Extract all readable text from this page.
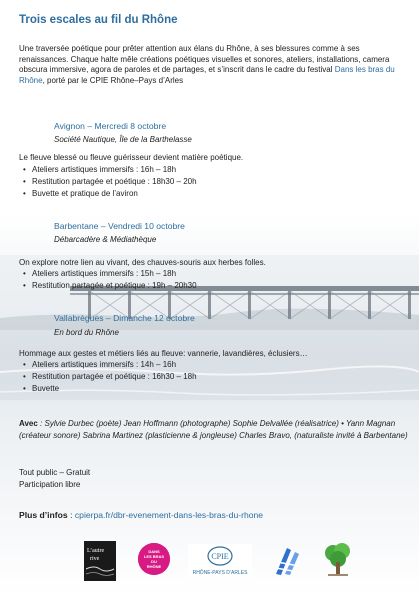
Trois escales au fil du Rhône

Une traversée poétique pour prêter attention aux élans du Rhône, à ses blessures comme à ses renaissances. Chaque halte mêle créations poétiques visuelles et sonores, ateliers, installations, camera obscura immersive, agora de paroles et de partages, et s’inscrit dans le cadre du festival Dans les bras du Rhône, porté par le CPIE Rhône–Pays d’Arles

Avignon – Mercredi 8 octobre
Société Nautique, Île de la Barthelasse
Le fleuve blessé ou fleuve guérisseur devient matière poétique.
• Ateliers artistiques immersifs : 16h – 18h
• Restitution partagée et poétique : 18h30 – 20h
• Buvette et pratique de l’aviron
Barbentane – Vendredi 10 octobre
Débarcadère & Médiathèque
On explore notre lien au vivant, des chauves-souris aux herbes folles.
• Ateliers artistiques immersifs : 15h – 18h
• Restitution partagée et poétique : 19h – 20h30
Vallabrègues – Dimanche 12 octobre
En bord du Rhône
Hommage aux gestes et métiers liés au fleuve: vannerie, lavandières, éclusiers…
• Ateliers artistiques immersifs : 14h – 16h
• Restitution partagée et poétique : 16h30 – 18h
• Buvette

Avec : Sylvie Durbec (poète) Jean Hoffmann (photographe) Sophie Delvallée (réalisatrice) • Yann Magnan (créateur sonore) Sabrina Martinez (plasticienne & jongleuse) Charles Bravo, (naturaliste invité à Barbentane)

Tout public – Gratuit
Participation libre
Plus d’infos : cpierpa.fr/dbr-evenement-dans-les-bras-du-rhone
L’autre
rive
DANS
LES BRAS
DU
RHÔNE
CPIE
RHÔNE-PAYS D’ARLES
